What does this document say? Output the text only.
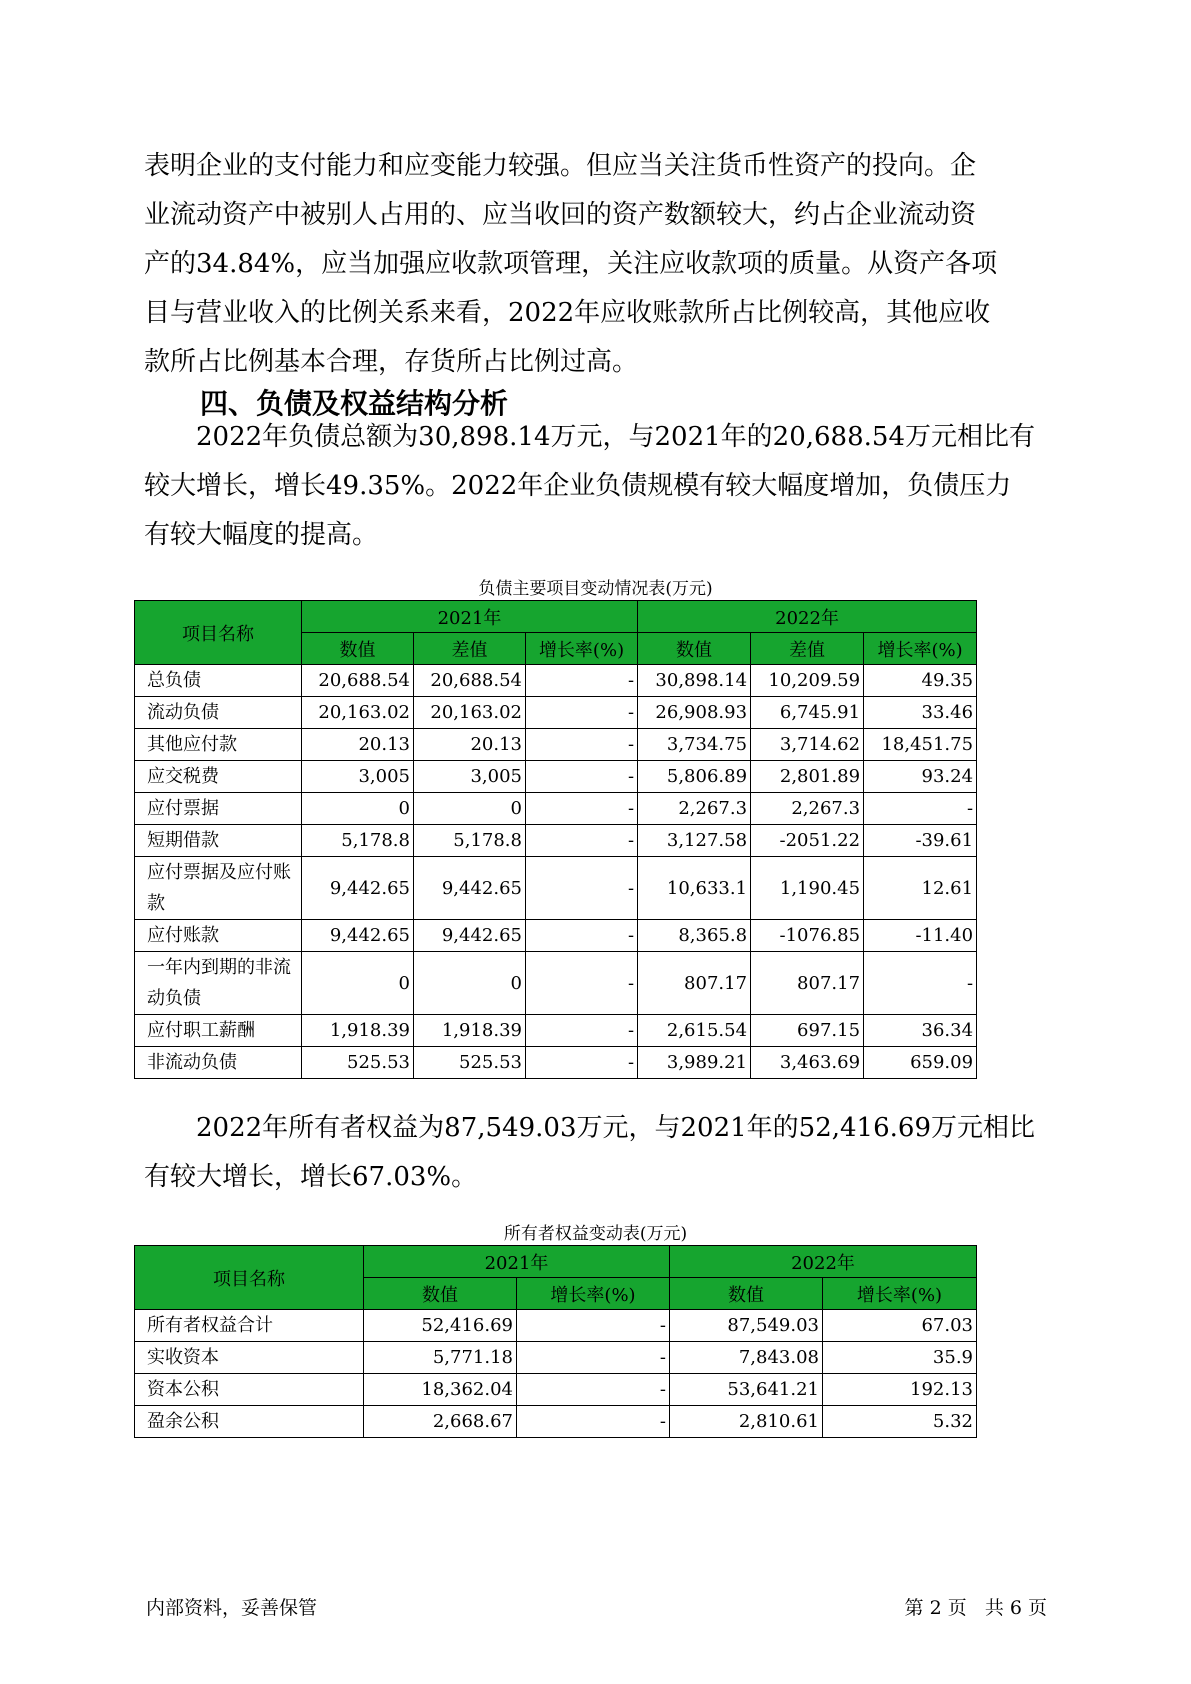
表明企业的支付能力和应变能力较强。但应当关注货币性资产的投向。企
业流动资产中被别人占用的、应当收回的资产数额较大，约占企业流动资
产的34.84%，应当加强应收款项管理，关注应收款项的质量。从资产各项
目与营业收入的比例关系来看，2022年应收账款所占比例较高，其他应收
款所占比例基本合理，存货所占比例过高。
四、负债及权益结构分析
　　2022年负债总额为30,898.14万元，与2021年的20,688.54万元相比有
较大增长，增长49.35%。2022年企业负债规模有较大幅度增加，负债压力
有较大幅度的提高。
负债主要项目变动情况表(万元)
项目名称	2021年			2022年		
	数值	差值	增长率(%)	数值	差值	增长率(%)
总负债	20,688.54	20,688.54	-	30,898.14	10,209.59	49.35
流动负债	20,163.02	20,163.02	-	26,908.93	6,745.91	33.46
其他应付款	20.13	20.13	-	3,734.75	3,714.62	18,451.75
应交税费	3,005	3,005	-	5,806.89	2,801.89	93.24
应付票据	0	0	-	2,267.3	2,267.3	-
短期借款	5,178.8	5,178.8	-	3,127.58	-2051.22	-39.61
应付票据及应付账款	9,442.65	9,442.65	-	10,633.1	1,190.45	12.61
应付账款	9,442.65	9,442.65	-	8,365.8	-1076.85	-11.40
一年内到期的非流动负债	0	0	-	807.17	807.17	-
应付职工薪酬	1,918.39	1,918.39	-	2,615.54	697.15	36.34
非流动负债	525.53	525.53	-	3,989.21	3,463.69	659.09
　　2022年所有者权益为87,549.03万元，与2021年的52,416.69万元相比
有较大增长，增长67.03%。
所有者权益变动表(万元)
项目名称	2021年		2022年	
	数值	增长率(%)	数值	增长率(%)
所有者权益合计	52,416.69	-	87,549.03	67.03
实收资本	5,771.18	-	7,843.08	35.9
资本公积	18,362.04	-	53,641.21	192.13
盈余公积	2,668.67	-	2,810.61	5.32
内部资料，妥善保管	第 2 页   共 6 页
